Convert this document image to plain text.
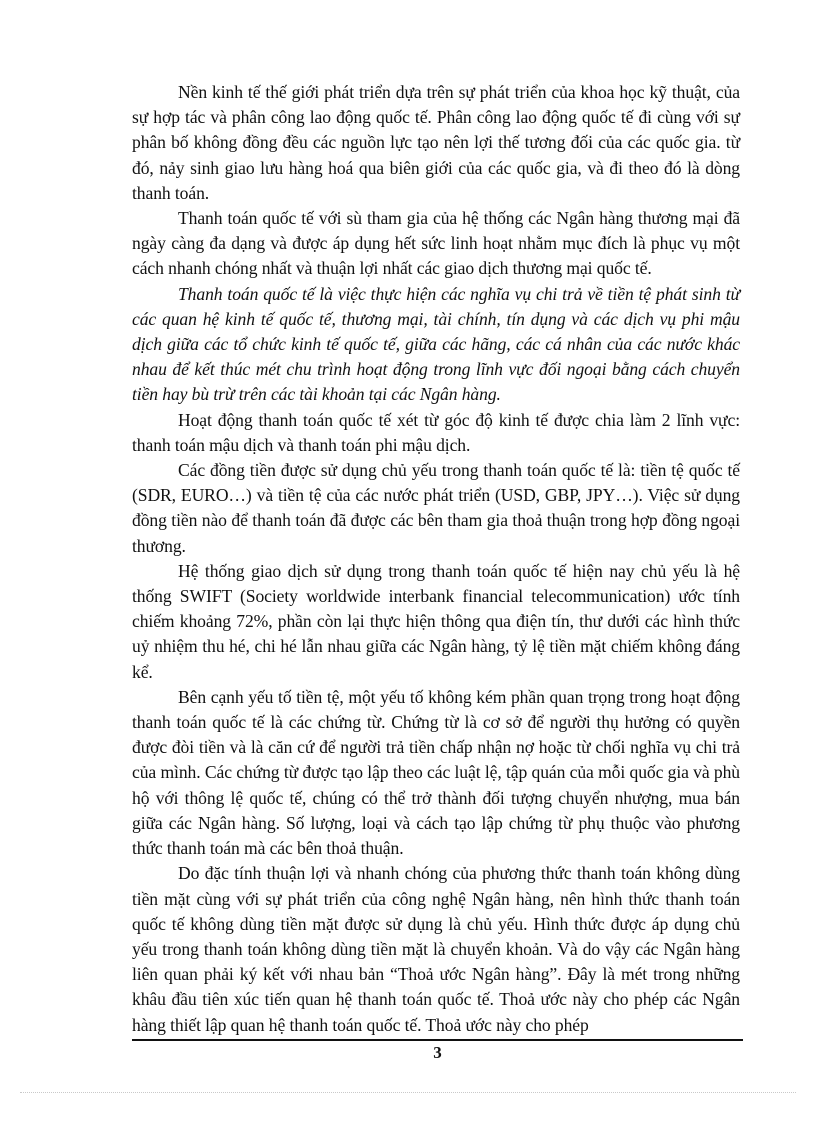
Nền kinh tế thế giới phát triển dựa trên sự phát triển của khoa học kỹ thuật, của sự hợp tác và phân công lao động quốc tế. Phân công lao động quốc tế đi cùng với sự phân bố không đồng đều các nguồn lực tạo nên lợi thế tương đối của các quốc gia. từ đó, nảy sinh giao lưu hàng hoá qua biên giới của các quốc gia, và đi theo đó là dòng thanh toán.

Thanh toán quốc tế với sù tham gia của hệ thống các Ngân hàng thương mại đã ngày càng đa dạng và được áp dụng hết sức linh hoạt nhằm mục đích là phục vụ một cách nhanh chóng nhất và thuận lợi nhất các giao dịch thương mại quốc tế.

Thanh toán quốc tế là việc thực hiện các nghĩa vụ chi trả về tiền tệ phát sinh từ các quan hệ kinh tế quốc tế, thương mại, tài chính, tín dụng và các dịch vụ phi mậu dịch giữa các tổ chức kinh tế quốc tế, giữa các hãng, các cá nhân của các nước khác nhau để kết thúc mét chu trình hoạt động trong lĩnh vực đối ngoại bằng cách chuyển tiền hay bù trừ trên các tài khoản tại các Ngân hàng.

Hoạt động thanh toán quốc tế xét từ góc độ kinh tế được chia làm 2 lĩnh vực: thanh toán mậu dịch và thanh toán phi mậu dịch.

Các đồng tiền được sử dụng chủ yếu trong thanh toán quốc tế là: tiền tệ quốc tế (SDR, EURO…) và tiền tệ của các nước phát triển (USD, GBP, JPY…). Việc sử dụng đồng tiền nào để thanh toán đã được các bên tham gia thoả thuận trong hợp đồng ngoại thương.

Hệ thống giao dịch sử dụng trong thanh toán quốc tế hiện nay chủ yếu là hệ thống SWIFT (Society worldwide interbank financial telecommunication) ước tính chiếm khoảng 72%, phần còn lại thực hiện thông qua điện tín, thư dưới các hình thức uỷ nhiệm thu hé, chi hé lẫn nhau giữa các Ngân hàng, tỷ lệ tiền mặt chiếm không đáng kể.

Bên cạnh yếu tố tiền tệ, một yếu tố không kém phần quan trọng trong hoạt động thanh toán quốc tế là các chứng từ. Chứng từ là cơ sở để người thụ hưởng có quyền được đòi tiền và là căn cứ để người trả tiền chấp nhận nợ hoặc từ chối nghĩa vụ chi trả của mình. Các chứng từ được tạo lập theo các luật lệ, tập quán của mỗi quốc gia và phù hộ với thông lệ quốc tế, chúng có thể trở thành đối tượng chuyển nhượng, mua bán giữa các Ngân hàng. Số lượng, loại và cách tạo lập chứng từ phụ thuộc vào phương thức thanh toán mà các bên thoả thuận.

Do đặc tính thuận lợi và nhanh chóng của phương thức thanh toán không dùng tiền mặt cùng với sự phát triển của công nghệ Ngân hàng, nên hình thức thanh toán quốc tế không dùng tiền mặt được sử dụng là chủ yếu. Hình thức được áp dụng chủ yếu trong thanh toán không dùng tiền mặt là chuyển khoản. Và do vậy các Ngân hàng liên quan phải ký kết với nhau bản “Thoả ước Ngân hàng”. Đây là mét trong những khâu đầu tiên xúc tiến quan hệ thanh toán quốc tế. Thoả ước này cho phép các Ngân hàng thiết lập quan hệ thanh toán quốc tế. Thoả ước này cho phép

3
